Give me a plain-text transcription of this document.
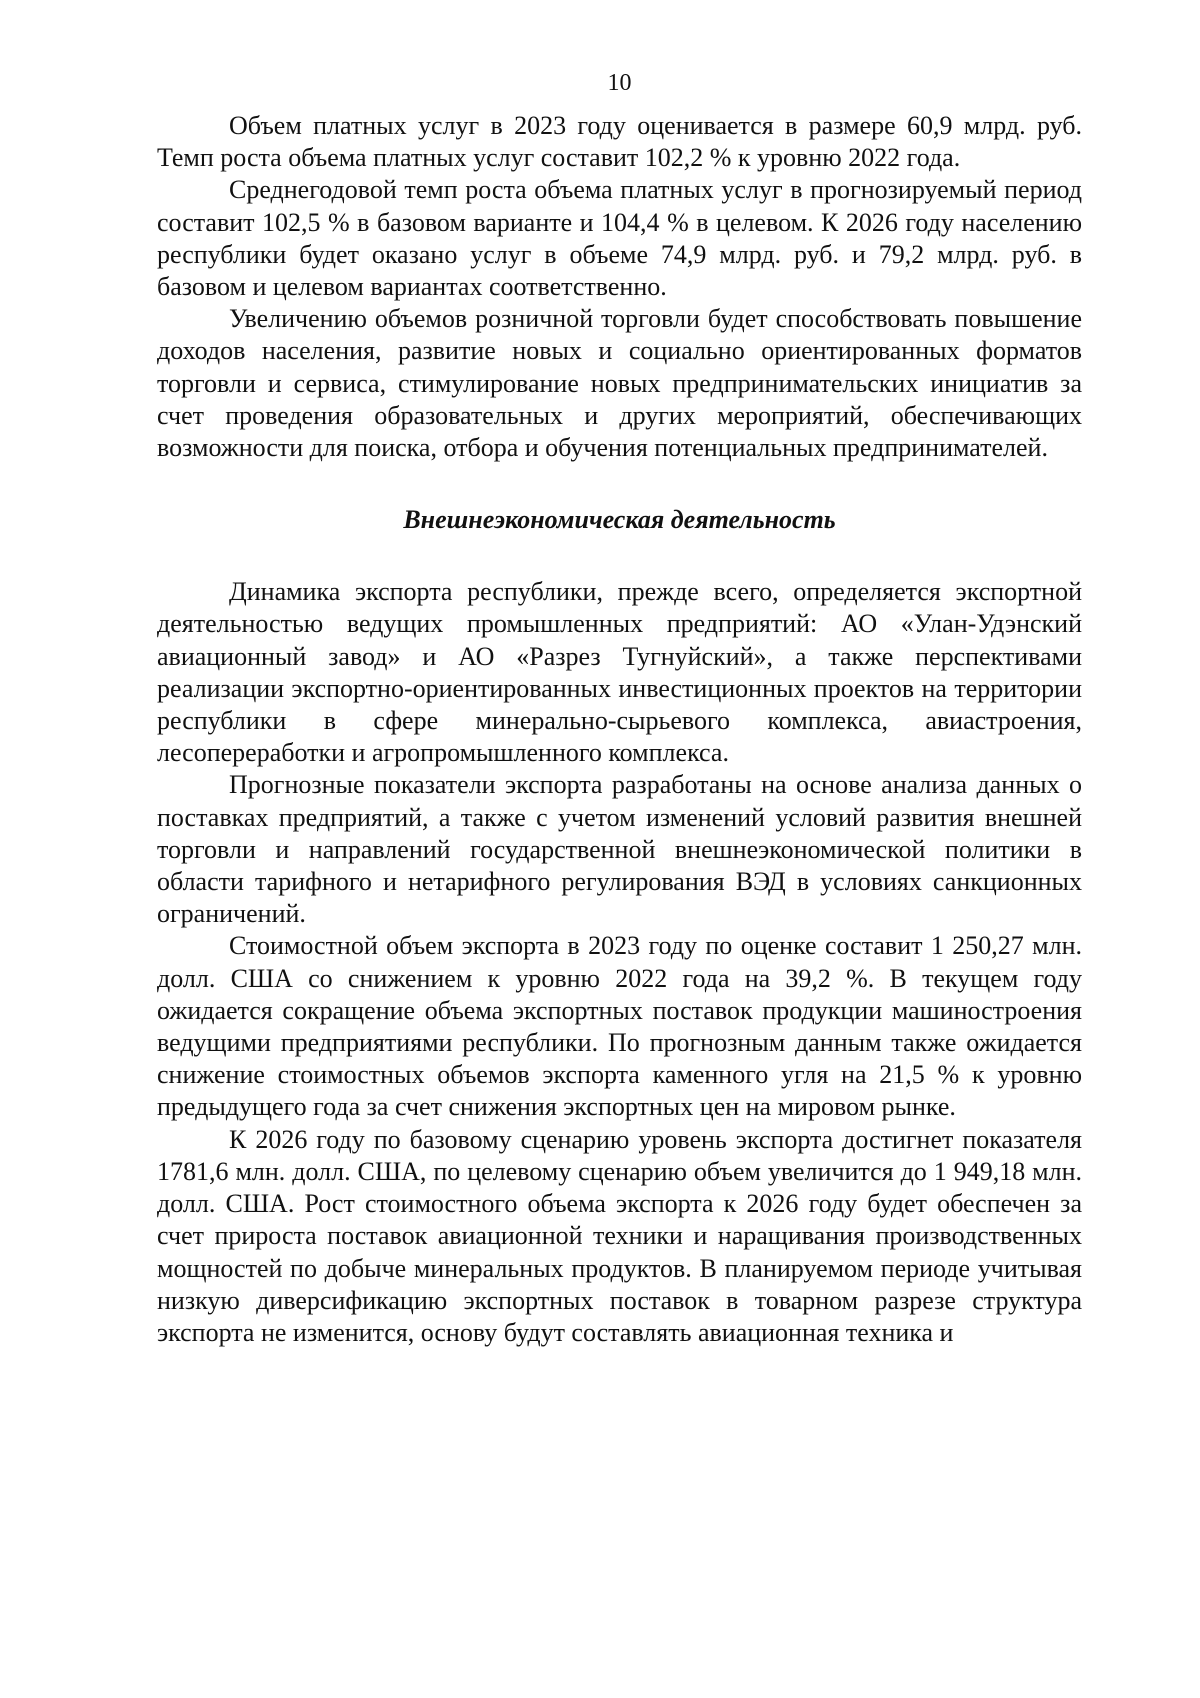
10

Объем платных услуг в 2023 году оценивается в размере 60,9 млрд. руб. Темп роста объема платных услуг составит 102,2 % к уровню 2022 года.

Среднегодовой темп роста объема платных услуг в прогнозируемый период составит 102,5 % в базовом варианте и 104,4 % в целевом. К 2026 году населению республики будет оказано услуг в объеме 74,9 млрд. руб. и 79,2 млрд. руб. в базовом и целевом вариантах соответственно.

Увеличению объемов розничной торговли будет способствовать повышение доходов населения, развитие новых и социально ориентированных форматов торговли и сервиса, стимулирование новых предпринимательских инициатив за счет проведения образовательных и других мероприятий, обеспечивающих возможности для поиска, отбора и обучения потенциальных предпринимателей.

Внешнеэкономическая деятельность

Динамика экспорта республики, прежде всего, определяется экспортной деятельностью ведущих промышленных предприятий: АО «Улан-Удэнский авиационный завод» и АО «Разрез Тугнуйский», а также перспективами реализации экспортно-ориентированных инвестиционных проектов на территории республики в сфере минерально-сырьевого комплекса, авиастроения, лесопереработки и агропромышленного комплекса.

Прогнозные показатели экспорта разработаны на основе анализа данных о поставках предприятий, а также с учетом изменений условий развития внешней торговли и направлений государственной внешнеэкономической политики в области тарифного и нетарифного регулирования ВЭД в условиях санкционных ограничений.

Стоимостной объем экспорта в 2023 году по оценке составит 1 250,27 млн. долл. США со снижением к уровню 2022 года на 39,2 %. В текущем году ожидается сокращение объема экспортных поставок продукции машиностроения ведущими предприятиями республики. По прогнозным данным также ожидается снижение стоимостных объемов экспорта каменного угля на 21,5 % к уровню предыдущего года за счет снижения экспортных цен на мировом рынке.

К 2026 году по базовому сценарию уровень экспорта достигнет показателя 1781,6 млн. долл. США, по целевому сценарию объем увеличится до 1 949,18 млн. долл. США. Рост стоимостного объема экспорта к 2026 году будет обеспечен за счет прироста поставок авиационной техники и наращивания производственных мощностей по добыче минеральных продуктов. В планируемом периоде учитывая низкую диверсификацию экспортных поставок в товарном разрезе структура экспорта не изменится, основу будут составлять авиационная техника и
